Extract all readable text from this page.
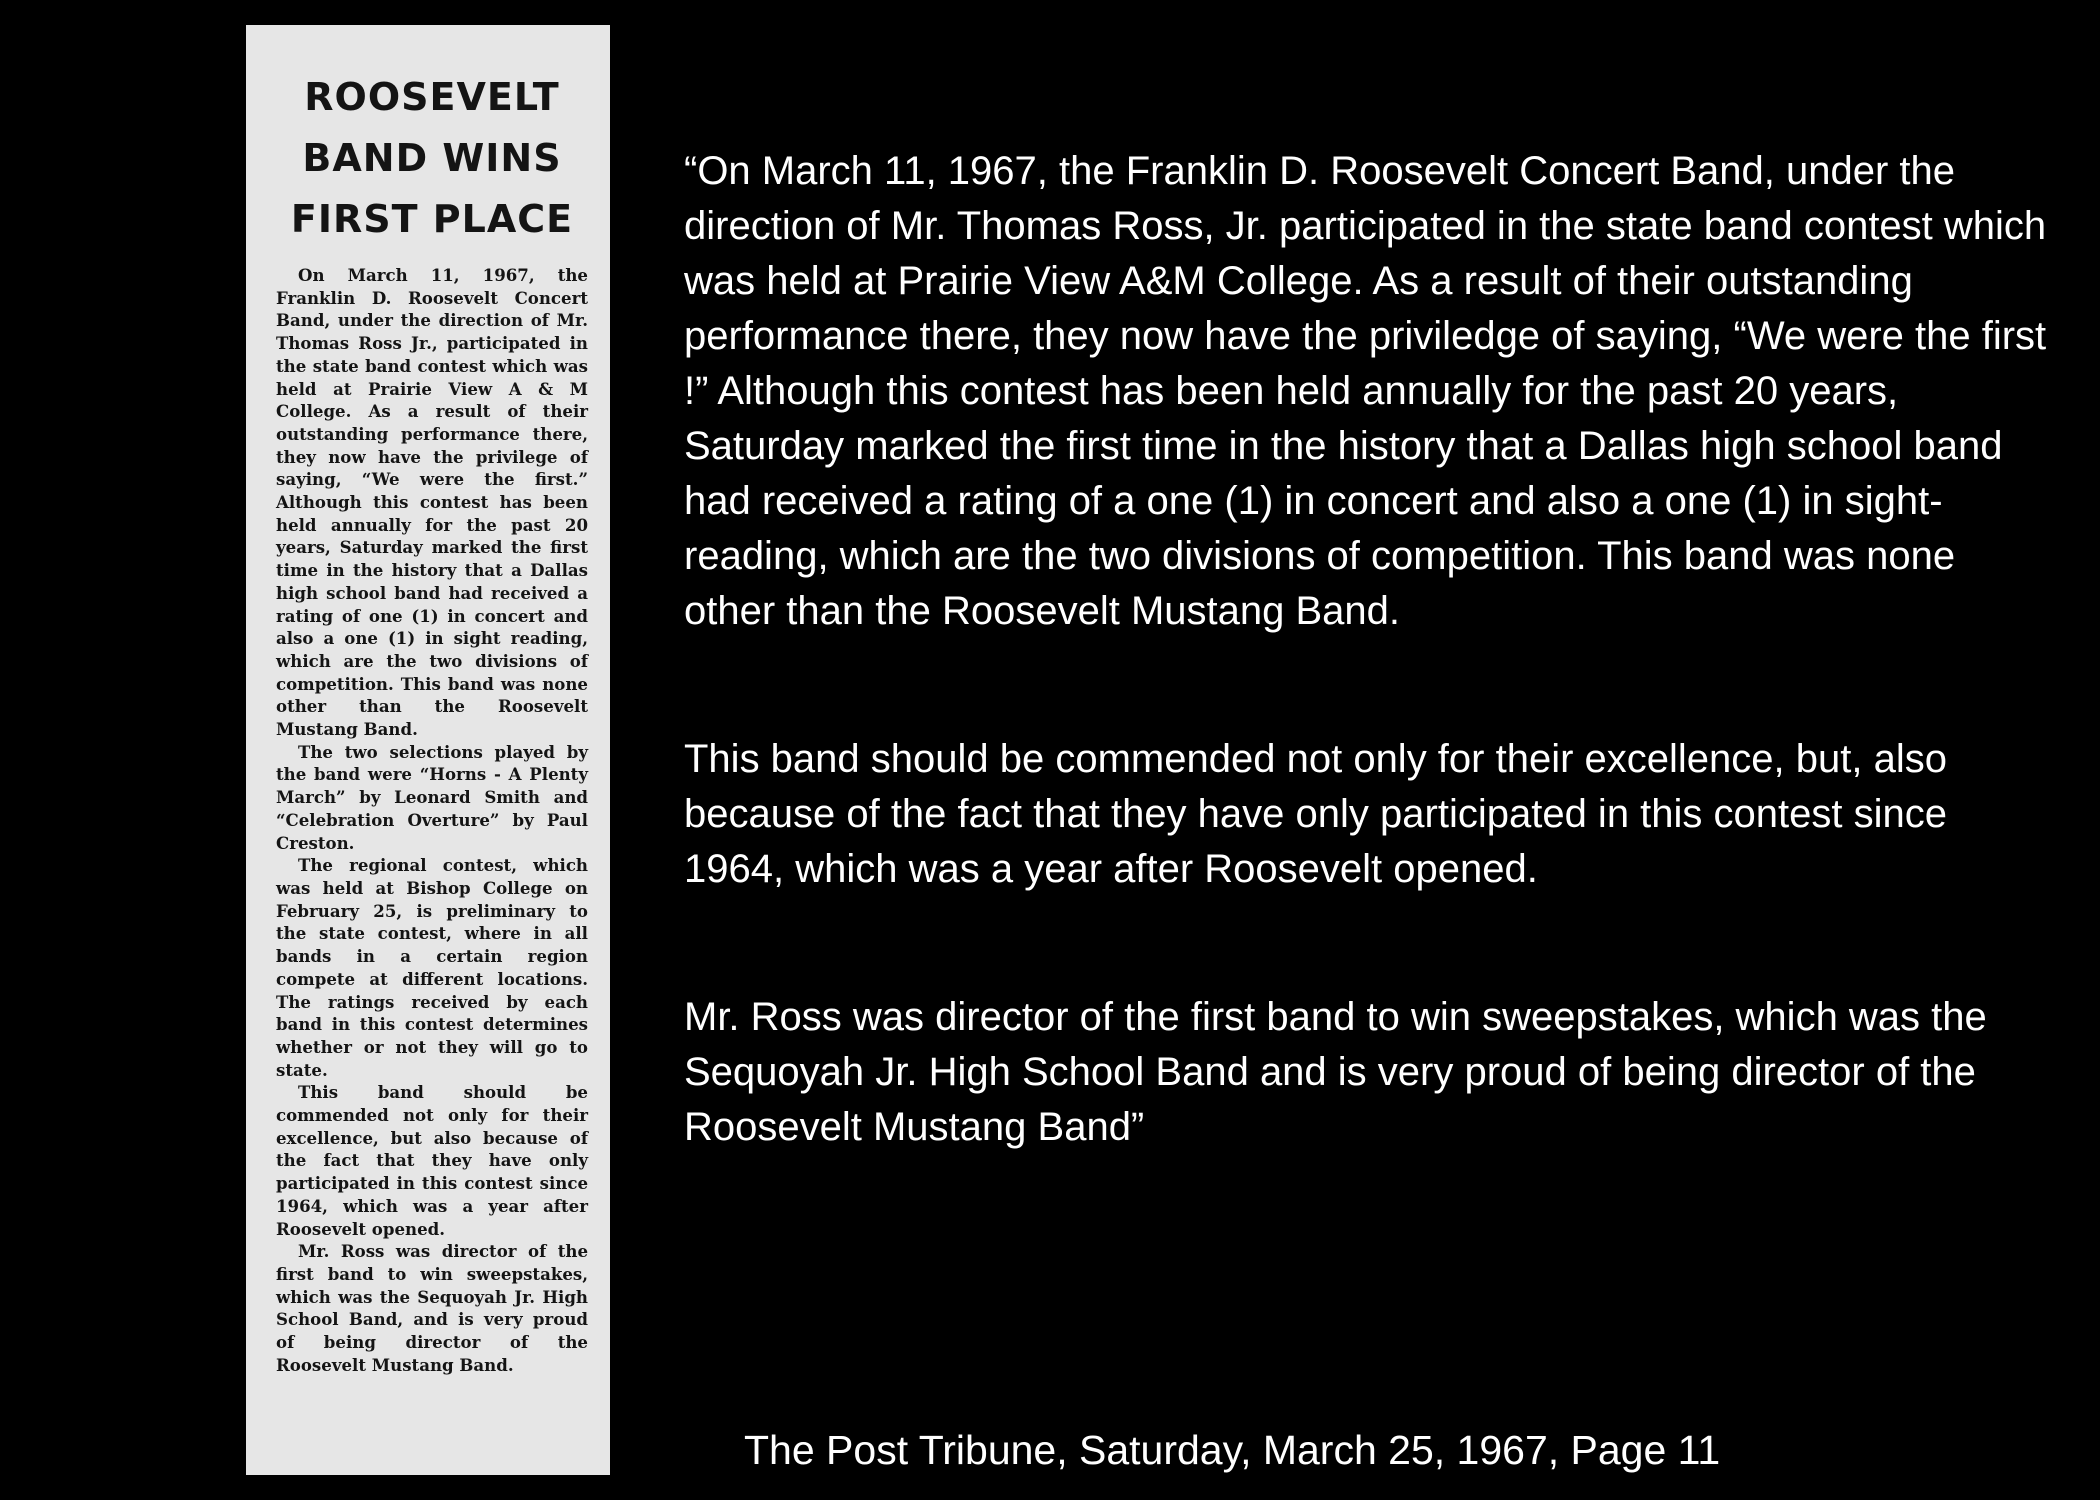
ROOSEVELT
BAND WINS
FIRST PLACE

On March 11, 1967, the Franklin D. Roosevelt Concert Band, under the direction of Mr. Thomas Ross Jr., participated in the state band contest which was held at Prairie View A & M College. As a result of their outstanding performance there, they now have the privilege of saying, “We were the first.” Although this contest has been held annually for the past 20 years, Saturday marked the first time in the history that a Dallas high school band had received a rating of one (1) in concert and also a one (1) in sight reading, which are the two divisions of competition. This band was none other than the Roosevelt Mustang Band.

The two selections played by the band were “Horns - A Plenty March” by Leonard Smith and “Celebration Overture” by Paul Creston.

The regional contest, which was held at Bishop College on February 25, is preliminary to the state contest, where in all bands in a certain region compete at different locations. The ratings received by each band in this contest determines whether or not they will go to state.

This band should be commended not only for their excellence, but also because of the fact that they have only participated in this contest since 1964, which was a year after Roosevelt opened.

Mr. Ross was director of the first band to win sweepstakes, which was the Sequoyah Jr. High School Band, and is very proud of being director of the Roosevelt Mustang Band.

“On March 11, 1967, the Franklin D. Roosevelt Concert Band, under the direction of Mr. Thomas Ross, Jr. participated in the state band contest which was held at Prairie View A&M College. As a result of their outstanding performance there, they now have the priviledge of saying, “We were the first !” Although this contest has been held annually for the past 20 years, Saturday marked the first time in the history that a Dallas high school band had received a rating of a one (1) in concert and also a one (1) in sight-reading, which are the two divisions of competition. This band was none other than the Roosevelt Mustang Band.

This band should be commended not only for their excellence, but, also because of the fact that they have only participated in this contest since 1964, which was a year after Roosevelt opened.

Mr. Ross was director of the first band to win sweepstakes, which was the Sequoyah Jr. High School Band and is very proud of being director of the Roosevelt Mustang Band”

The Post Tribune, Saturday, March 25, 1967, Page 11
